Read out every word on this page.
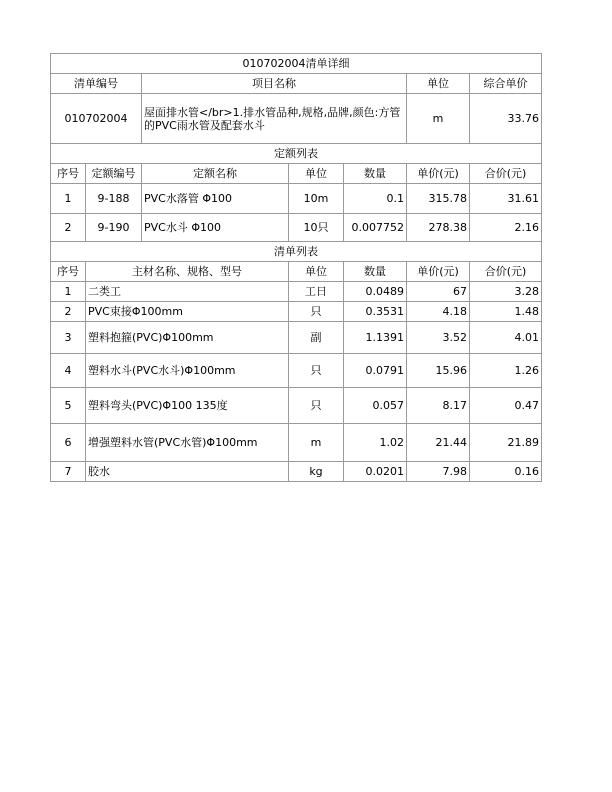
010702004清单详细						
清单编号		项目名称			单位	综合单价
010702004		屋面排水管</br>1.排水管品种,规格,品牌,颜色:方管的PVC雨水管及配套水斗			m	33.76
定额列表						
序号	定额编号	定额名称	单位	数量	单价(元)	合价(元)
1	9-188	PVC水落管 Φ100	10m	0.1	315.78	31.61
2	9-190	PVC水斗 Φ100	10只	0.007752	278.38	2.16
清单列表						
序号	主材名称、规格、型号		单位	数量	单价(元)	合价(元)
1	二类工		工日	0.0489	67	3.28
2	PVC束接Φ100mm		只	0.3531	4.18	1.48
3	塑料抱箍(PVC)Φ100mm		副	1.1391	3.52	4.01
4	塑料水斗(PVC水斗)Φ100mm		只	0.0791	15.96	1.26
5	塑料弯头(PVC)Φ100 135度		只	0.057	8.17	0.47
6	增强塑料水管(PVC水管)Φ100mm		m	1.02	21.44	21.89
7	胶水		kg	0.0201	7.98	0.16
